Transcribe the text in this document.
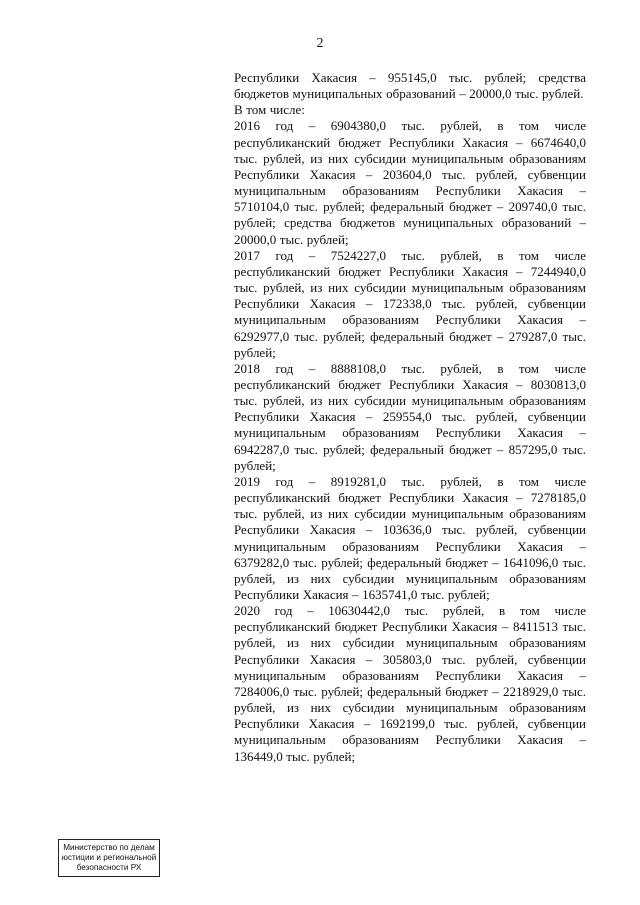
2

Республики Хакасия – 955145,0 тыс. рублей; средства бюджетов муниципальных образований – 20000,0 тыс. рублей.

В том числе:

2016 год – 6904380,0 тыс. рублей, в том числе республиканский бюджет Республики Хакасия – 6674640,0 тыс. рублей, из них субсидии муниципальным образованиям Республики Хакасия – 203604,0 тыс. рублей, субвенции муниципальным образованиям Республики Хакасия – 5710104,0 тыс. рублей; федеральный бюджет – 209740,0 тыс. рублей; средства бюджетов муниципальных образований – 20000,0 тыс. рублей;

2017 год – 7524227,0 тыс. рублей, в том числе республиканский бюджет Республики Хакасия – 7244940,0 тыс. рублей, из них субсидии муниципальным образованиям Республики Хакасия – 172338,0 тыс. рублей, субвенции муниципальным образованиям Республики Хакасия – 6292977,0 тыс. рублей; федеральный бюджет – 279287,0 тыс. рублей;

2018 год – 8888108,0 тыс. рублей, в том числе республиканский бюджет Республики Хакасия – 8030813,0 тыс. рублей, из них субсидии муниципальным образованиям Республики Хакасия – 259554,0 тыс. рублей, субвенции муниципальным образованиям Республики Хакасия – 6942287,0 тыс. рублей; федеральный бюджет – 857295,0 тыс. рублей;

2019 год – 8919281,0 тыс. рублей, в том числе республиканский бюджет Республики Хакасия – 7278185,0 тыс. рублей, из них субсидии муниципальным образованиям Республики Хакасия – 103636,0 тыс. рублей, субвенции муниципальным образованиям Республики Хакасия – 6379282,0 тыс. рублей; федеральный бюджет – 1641096,0 тыс. рублей, из них субсидии муниципальным образованиям Республики Хакасия – 1635741,0 тыс. рублей;

2020 год – 10630442,0 тыс. рублей, в том числе республиканский бюджет Республики Хакасия – 8411513 тыс. рублей, из них субсидии муниципальным образованиям Республики Хакасия – 305803,0 тыс. рублей, субвенции муниципальным образованиям Республики Хакасия – 7284006,0 тыс. рублей; федеральный бюджет – 2218929,0 тыс. рублей, из них субсидии муниципальным образованиям Республики Хакасия – 1692199,0 тыс. рублей, субвенции муниципальным образованиям Республики Хакасия – 136449,0 тыс. рублей;

Министерство по делам
юстиции и региональной
безопасности РХ
